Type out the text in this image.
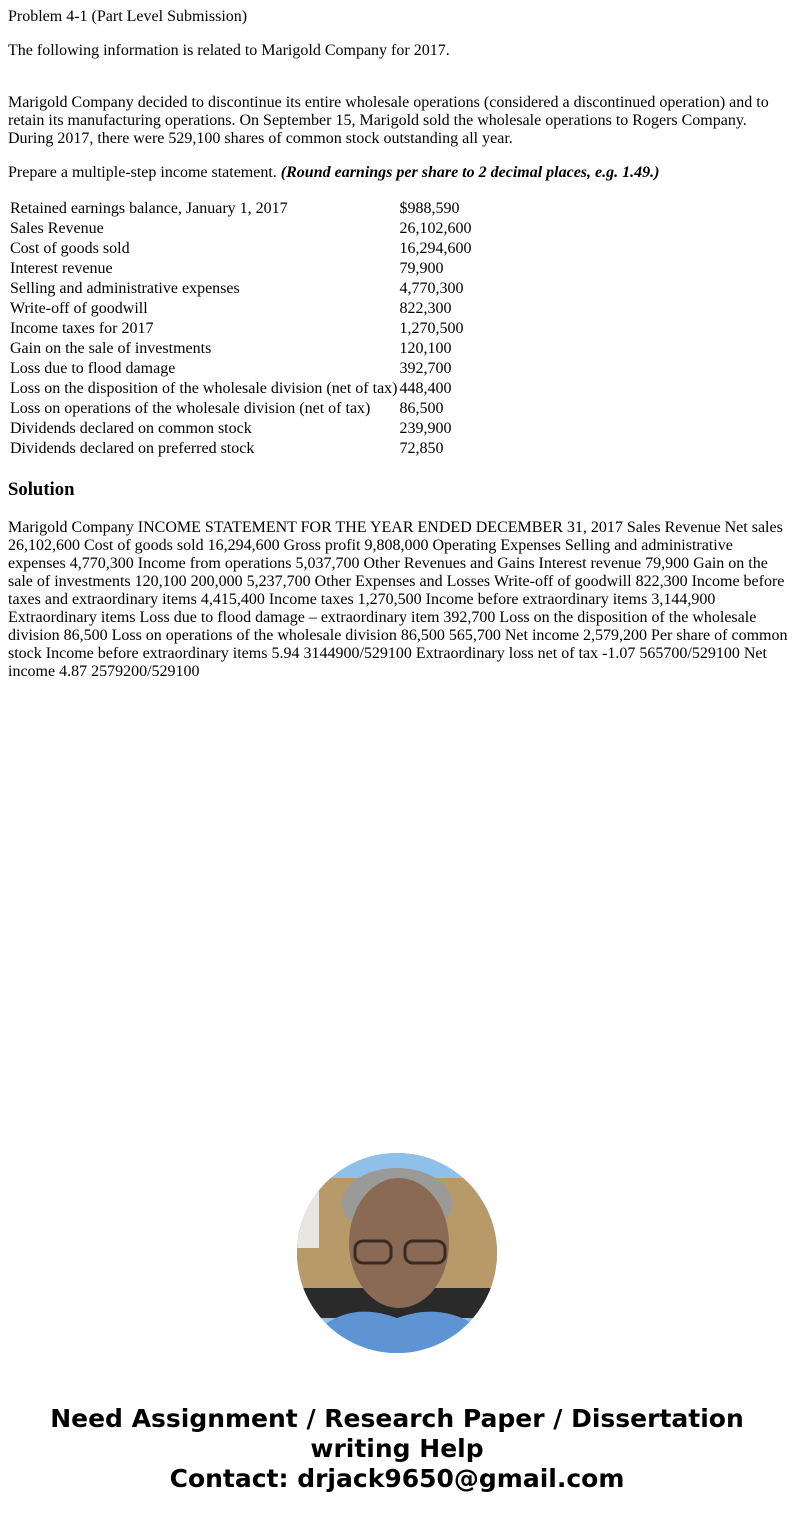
Problem 4-1 (Part Level Submission)

The following information is related to Marigold Company for 2017.

Marigold Company decided to discontinue its entire wholesale operations (considered a discontinued operation) and to retain its manufacturing operations. On September 15, Marigold sold the wholesale operations to Rogers Company. During 2017, there were 529,100 shares of common stock outstanding all year.

Prepare a multiple-step income statement. (Round earnings per share to 2 decimal places, e.g. 1.49.)

Retained earnings balance, January 1, 2017	$988,590
Sales Revenue	26,102,600
Cost of goods sold	16,294,600
Interest revenue	79,900
Selling and administrative expenses	4,770,300
Write-off of goodwill	822,300
Income taxes for 2017	1,270,500
Gain on the sale of investments	120,100
Loss due to flood damage	392,700
Loss on the disposition of the wholesale division (net of tax)	448,400
Loss on operations of the wholesale division (net of tax)	86,500
Dividends declared on common stock	239,900
Dividends declared on preferred stock	72,850
Solution

Marigold Company INCOME STATEMENT FOR THE YEAR ENDED DECEMBER 31, 2017 Sales Revenue Net sales 26,102,600 Cost of goods sold 16,294,600 Gross profit 9,808,000 Operating Expenses Selling and administrative expenses 4,770,300 Income from operations 5,037,700 Other Revenues and Gains Interest revenue 79,900 Gain on the sale of investments 120,100 200,000 5,237,700 Other Expenses and Losses Write-off of goodwill 822,300 Income before taxes and extraordinary items 4,415,400 Income taxes 1,270,500 Income before extraordinary items 3,144,900 Extraordinary items Loss due to flood damage – extraordinary item 392,700 Loss on the disposition of the wholesale division 86,500 Loss on operations of the wholesale division 86,500 565,700 Net income 2,579,200 Per share of common stock Income before extraordinary items 5.94 3144900/529100 Extraordinary loss net of tax -1.07 565700/529100 Net income 4.87 2579200/529100

Need Assignment / Research Paper / Dissertation
writing Help
Contact: drjack9650@gmail.com
